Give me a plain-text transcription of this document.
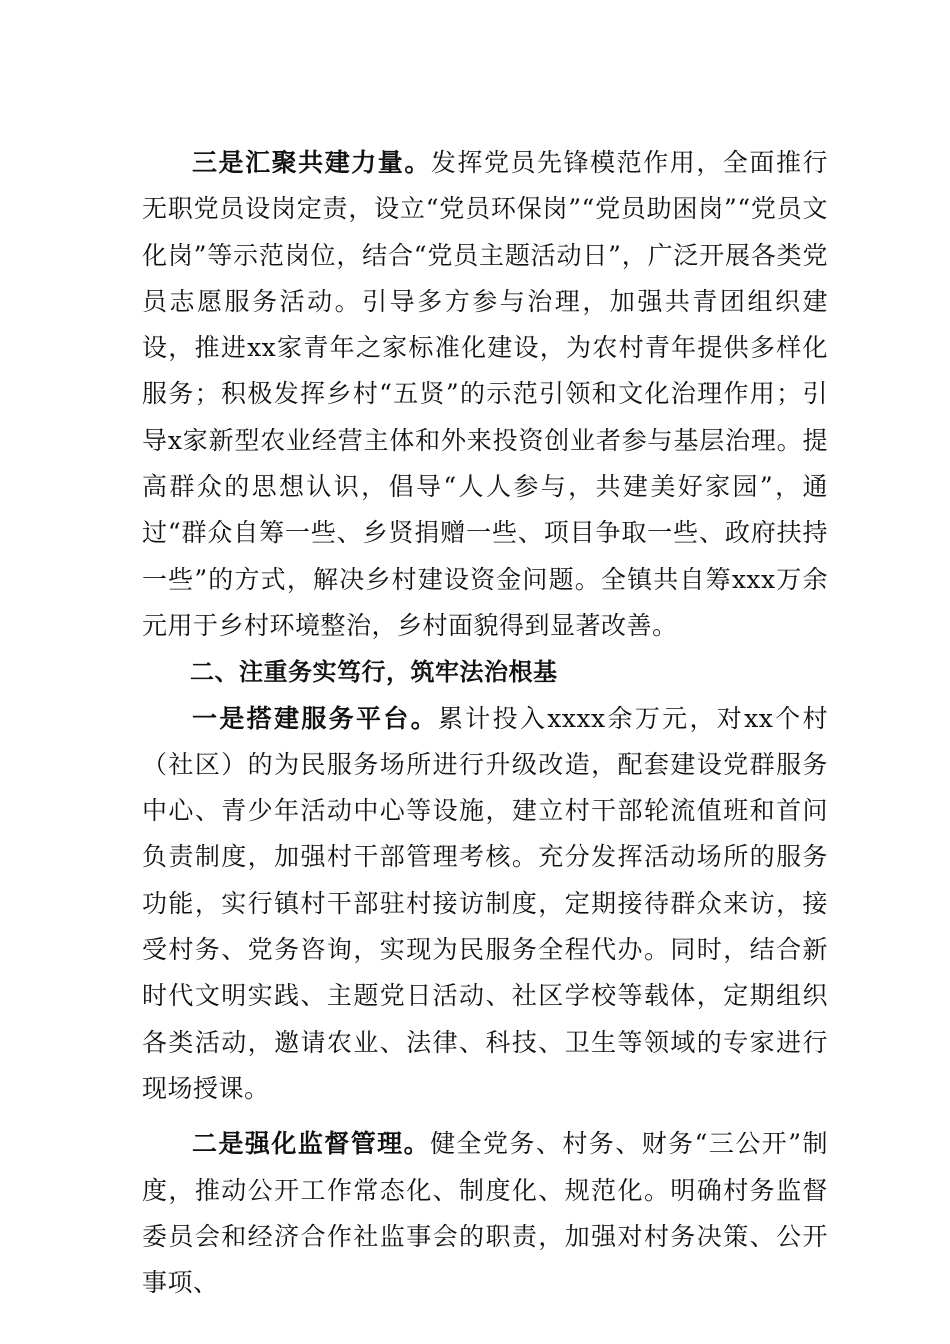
三是汇聚共建力量。发挥党员先锋模范作用，全面推行无职党员设岗定责，设立“党员环保岗”“党员助困岗”“党员文化岗”等示范岗位，结合“党员主题活动日”，广泛开展各类党员志愿服务活动。引导多方参与治理，加强共青团组织建设，推进xx家青年之家标准化建设，为农村青年提供多样化服务；积极发挥乡村“五贤”的示范引领和文化治理作用；引导x家新型农业经营主体和外来投资创业者参与基层治理。提高群众的思想认识，倡导“人人参与，共建美好家园”，通过“群众自筹一些、乡贤捐赠一些、项目争取一些、政府扶持一些”的方式，解决乡村建设资金问题。全镇共自筹xxx万余元用于乡村环境整治，乡村面貌得到显著改善。

二、注重务实笃行，筑牢法治根基

一是搭建服务平台。累计投入xxxx余万元，对xx个村（社区）的为民服务场所进行升级改造，配套建设党群服务中心、青少年活动中心等设施，建立村干部轮流值班和首问负责制度，加强村干部管理考核。充分发挥活动场所的服务功能，实行镇村干部驻村接访制度，定期接待群众来访，接受村务、党务咨询，实现为民服务全程代办。同时，结合新时代文明实践、主题党日活动、社区学校等载体，定期组织各类活动，邀请农业、法律、科技、卫生等领域的专家进行现场授课。

二是强化监督管理。健全党务、村务、财务“三公开”制度，推动公开工作常态化、制度化、规范化。明确村务监督委员会和经济合作社监事会的职责，加强对村务决策、公开事项、
